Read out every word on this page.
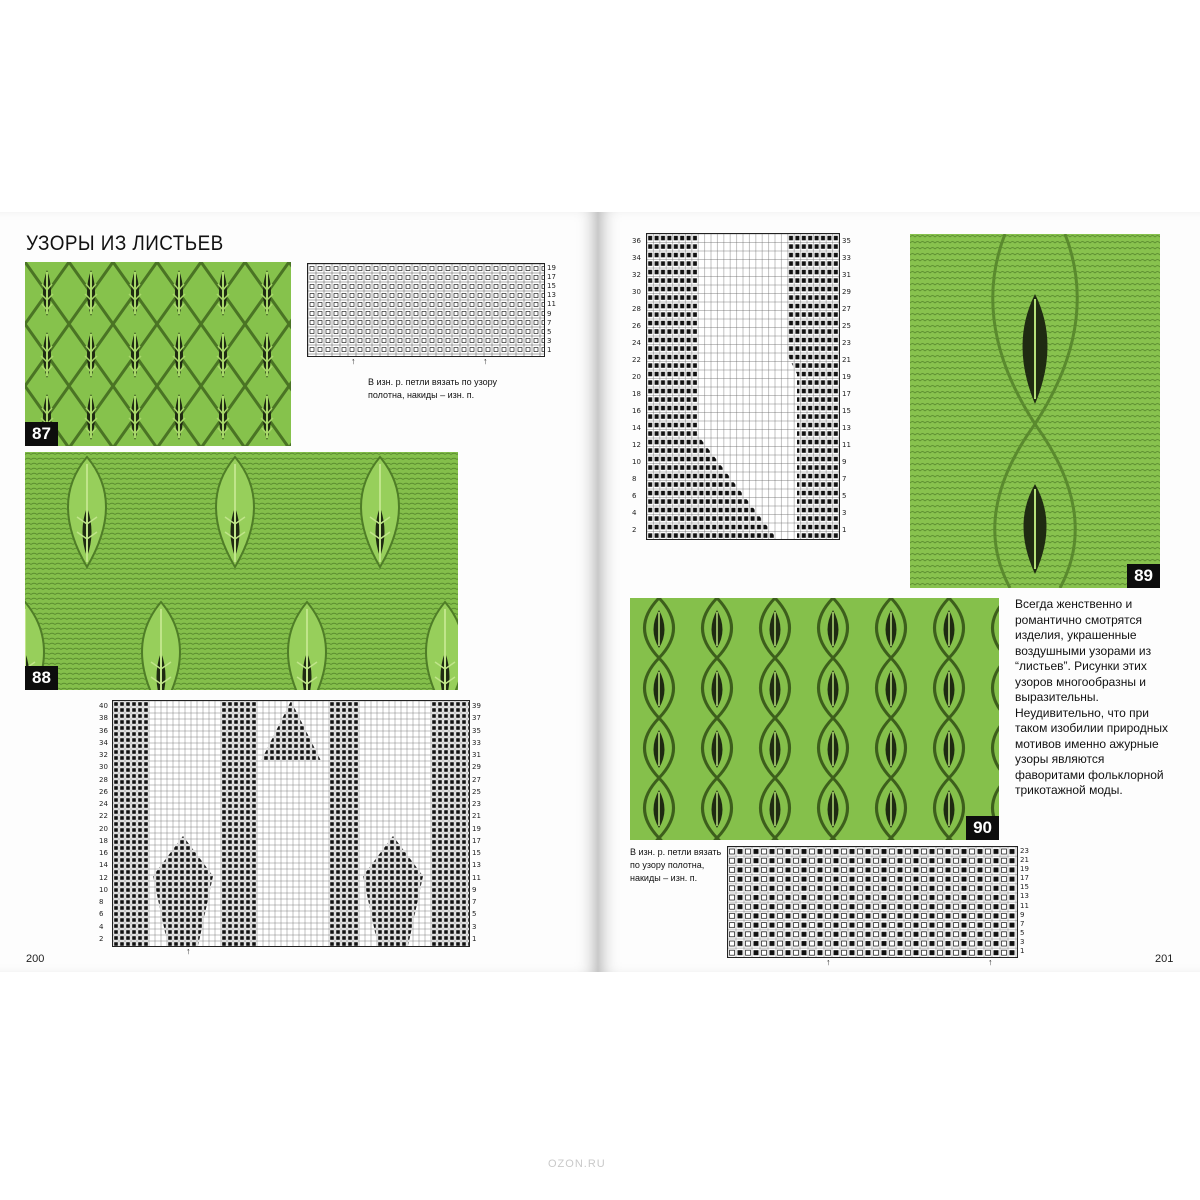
УЗОРЫ ИЗ ЛИСТЬЕВ
87
19
17
15
13
11
9
7
5
3
1
↑	↑
В изн. р. петли вязать по узору полотна, накиды – изн. п.
88
40
38
36
34
32
30
28
26
24
22
20
18
16
14
12
10
8
6
4
2
39
37
35
33
31
29
27
25
23
21
19
17
15
13
11
9
7
5
3
1
↑
200
36
34
32
30
28
26
24
22
20
18
16
14
12
10
8
6
4
2
35
33
31
29
27
25
23
21
19
17
15
13
11
9
7
5
3
1
89
90
Всегда женственно и романтично смотрятся изделия, украшенные воздушными узорами из “листьев”. Рисунки этих узоров многообразны и выразительны. Неудивительно, что при таком изобилии природных мотивов именно ажурные узоры являются фаворитами фольклорной трикотажной моды.
В изн. р. петли вязать по узору полотна, накиды – изн. п.
23
21
19
17
15
13
11
9
7
5
3
1
↑	↑	201
OZON.RU
